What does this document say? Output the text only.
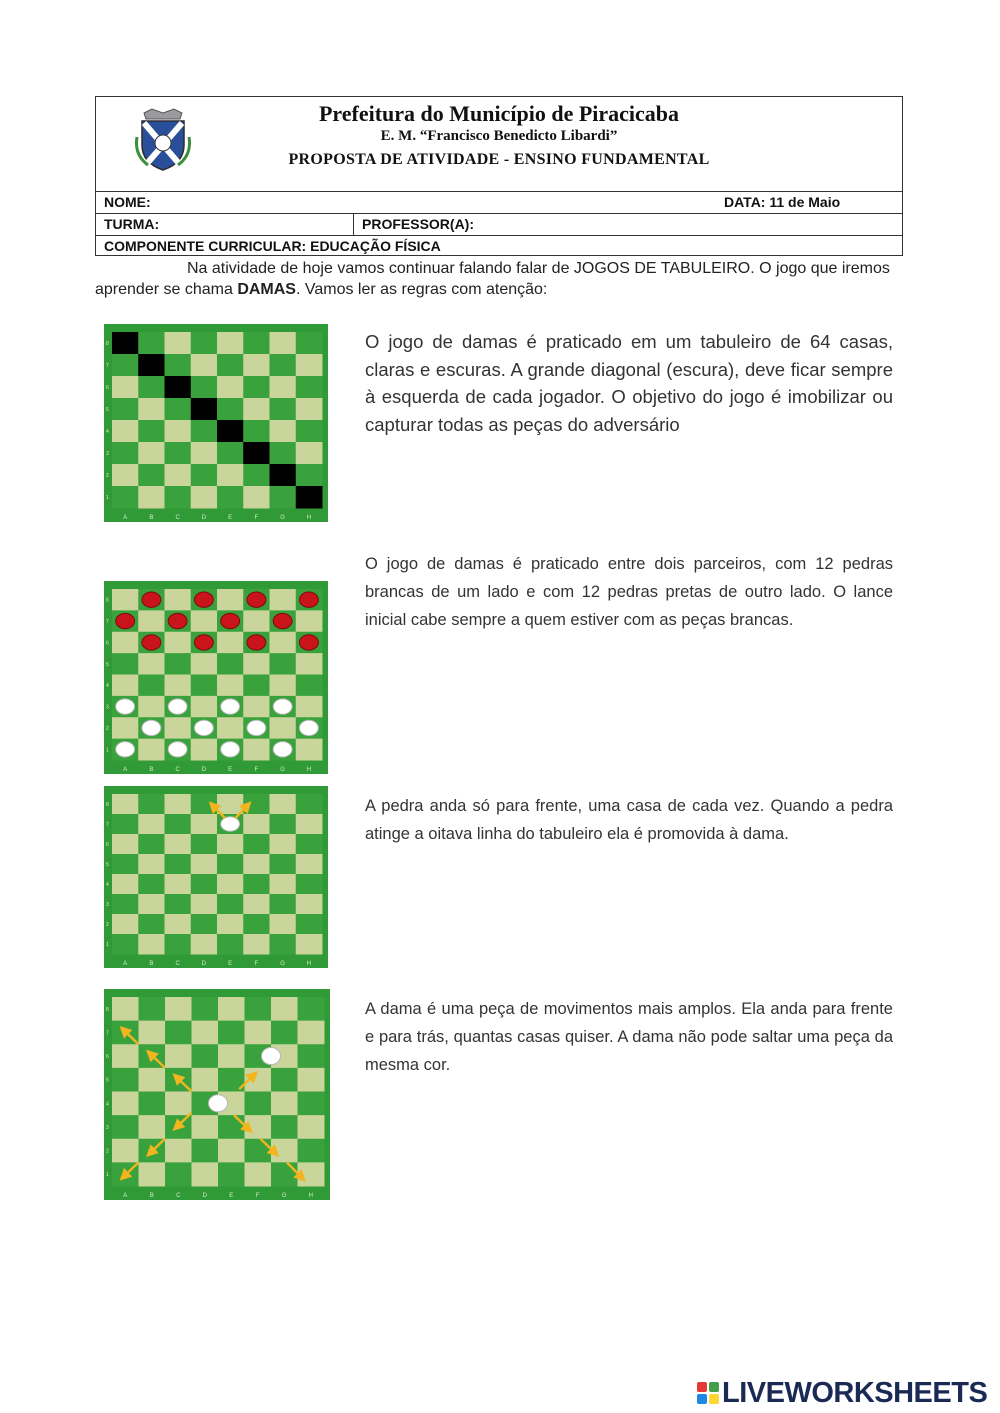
Prefeitura do Município de Piracicaba
E. M. “Francisco Benedicto Libardi”
PROPOSTA DE ATIVIDADE - ENSINO FUNDAMENTAL
NOME:	DATA: 11 de Maio
TURMA:	PROFESSOR(A):
COMPONENTE CURRICULAR: EDUCAÇÃO FÍSICA
Na atividade de hoje vamos continuar falando falar de JOGOS DE TABULEIRO. O jogo que iremos aprender se chama DAMAS. Vamos ler as regras com atenção:
A	B	C	D	E	F	G	H
1
2
3
4
5
6
7
8
A	B	C	D	E	F	G	H
1
2
3
4
5
6
7
8
A	B	C	D	E	F	G	H
1
2
3
4
5
6
7
8
A	B	C	D	E	F	G	H
1
2
3
4
5
6
7
8
O jogo de damas é praticado em um tabuleiro de 64 casas, claras e escuras. A grande diagonal (escura), deve ficar sempre à esquerda de cada jogador. O objetivo do jogo é imobilizar ou capturar todas as peças do adversário
O jogo de damas é praticado entre dois parceiros, com 12 pedras brancas de um lado e com 12 pedras pretas de outro lado. O lance inicial cabe sempre a quem estiver com as peças brancas.
A pedra anda só para frente, uma casa de cada vez. Quando a pedra atinge a oitava linha do tabuleiro ela é promovida à dama.
A dama é uma peça de movimentos mais amplos. Ela anda para frente e para trás, quantas casas quiser. A dama não pode saltar uma peça da mesma cor.
LIVEWORKSHEETS
